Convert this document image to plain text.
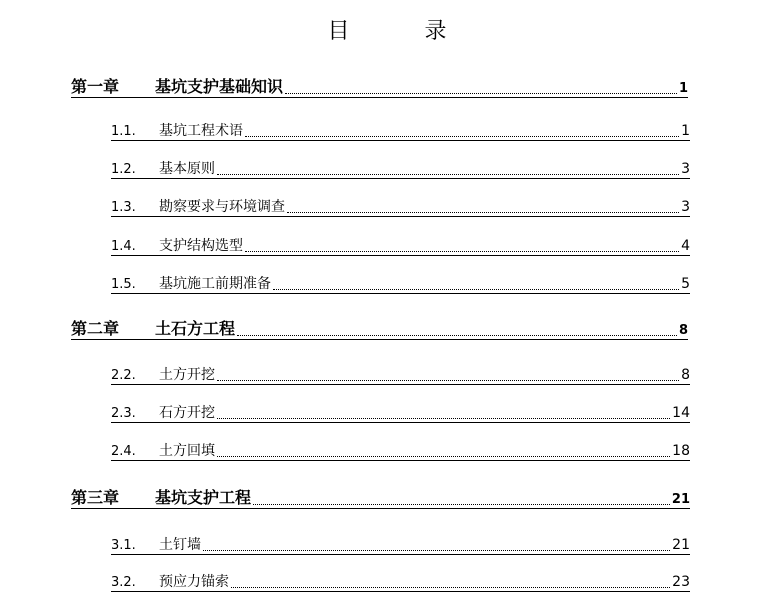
目 录
第一章	基坑支护基础知识	1
1.1.	基坑工程术语	1
1.2.	基本原则	3
1.3.	勘察要求与环境调查	3
1.4.	支护结构选型	4
1.5.	基坑施工前期准备	5
第二章	土石方工程	8
2.2.	土方开挖	8
2.3.	石方开挖	14
2.4.	土方回填	18
第三章	基坑支护工程	21
3.1.	土钉墙	21
3.2.	预应力锚索	23
